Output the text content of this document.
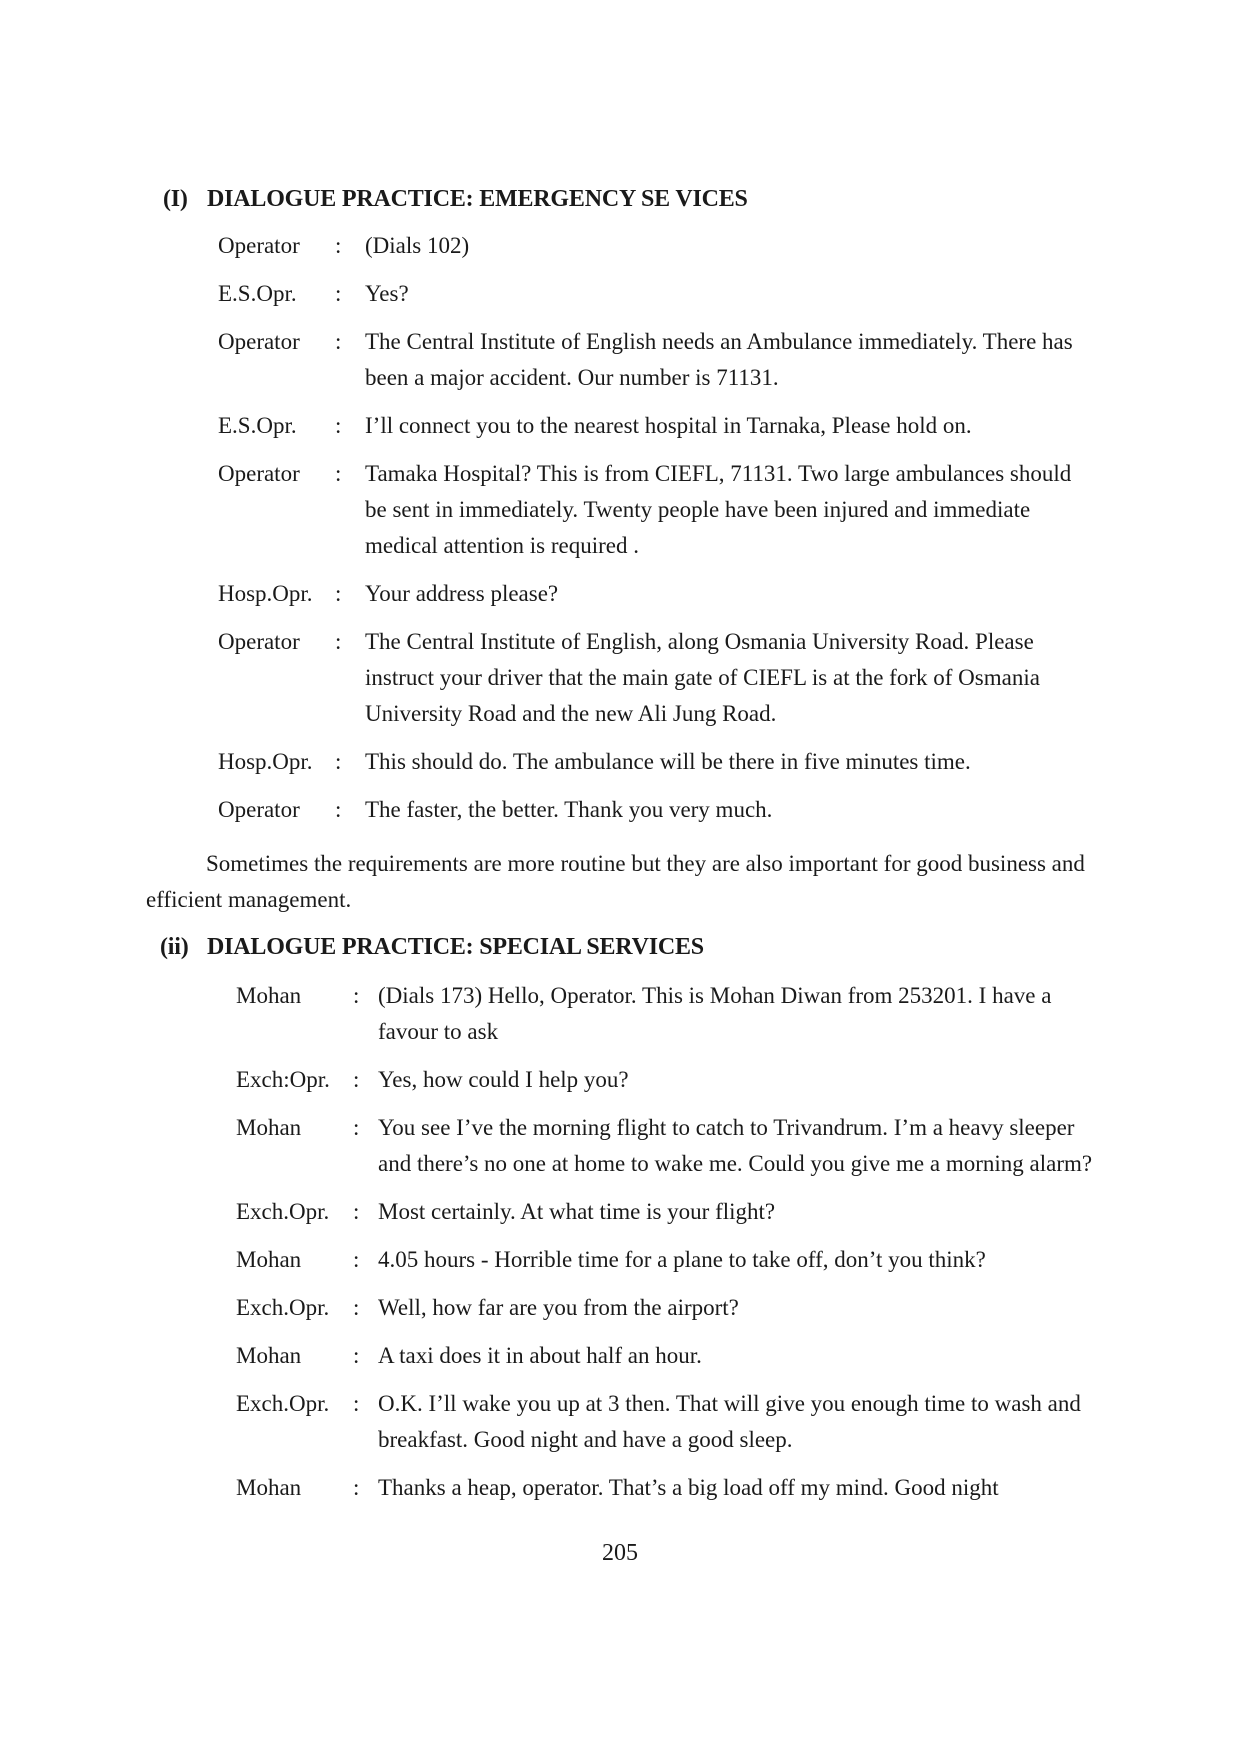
(I) DIALOGUE PRACTICE: EMERGENCY SE VICES
Operator	:	(Dials 102)
E.S.Opr.	:	Yes?
Operator	:	The Central Institute of English needs an Ambulance immediately. There has been a major accident. Our number is 71131.
E.S.Opr.	:	I’ll connect you to the nearest hospital in Tarnaka, Please hold on.
Operator	:	Tamaka Hospital? This is from CIEFL, 71131. Two large ambulances should be sent in immediately. Twenty people have been injured and immediate medical attention is required .
Hosp.Opr. :	Your address please?
Operator	:	The Central Institute of English, along Osmania University Road. Please instruct your driver that the main gate of CIEFL is at the fork of Osmania University Road and the new Ali Jung Road.
Hosp.Opr. :	This should do. The ambulance will be there in five minutes time.
Operator	:	The faster, the better. Thank you very much.
Sometimes the requirements are more routine but they are also important for good business and efficient management.
(ii) DIALOGUE PRACTICE: SPECIAL SERVICES
Mohan	: (Dials 173) Hello, Operator. This is Mohan Diwan from 253201. I have a favour to ask
Exch:Opr.	: Yes, how could I help you?
Mohan	: You see I’ve the morning flight to catch to Trivandrum. I’m a heavy sleeper and there’s no one at home to wake me. Could you give me a morning alarm?
Exch.Opr.	: Most certainly. At what time is your flight?
Mohan	: 4.05 hours - Horrible time for a plane to take off, don’t you think?
Exch.Opr.	: Well, how far are you from the airport?
Mohan	: A taxi does it in about half an hour.
Exch.Opr.	: O.K. I’ll wake you up at 3 then. That will give you enough time to wash and breakfast. Good night and have a good sleep.
Mohan	: Thanks a heap, operator. That’s a big load off my mind. Good night
205
